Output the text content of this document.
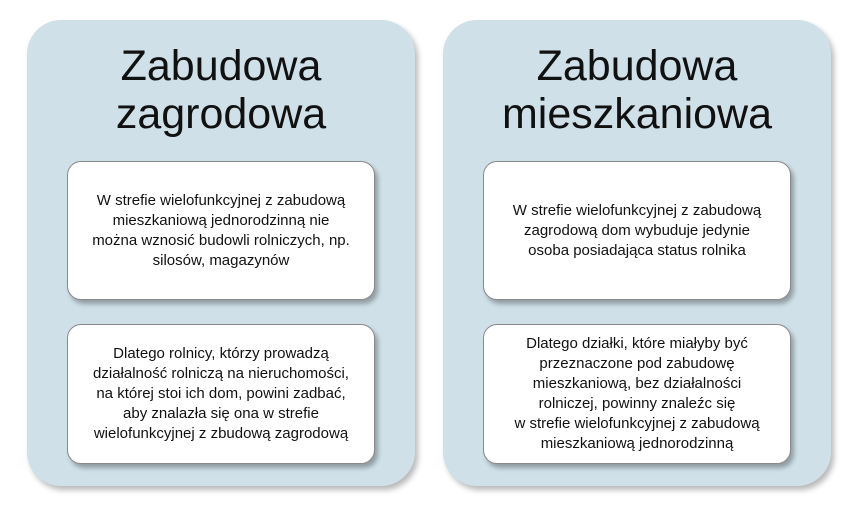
Zabudowa
zagrodowa
W strefie wielofunkcyjnej z zabudową
mieszkaniową jednorodzinną nie
można wznosić budowli rolniczych, np.
silosów, magazynów
Dlatego rolnicy, którzy prowadzą
działalność rolniczą na nieruchomości,
na której stoi ich dom, powini zadbać,
aby znalazła się ona w strefie
wielofunkcyjnej z zbudową zagrodową
Zabudowa
mieszkaniowa
W strefie wielofunkcyjnej z zabudową
zagrodową dom wybuduje jedynie
osoba posiadająca status rolnika
Dlatego działki, które miałyby być
przeznaczone pod zabudowę
mieszkaniową, bez działalności
rolniczej, powinny znaleźc się
w strefie wielofunkcyjnej z zabudową
mieszkaniową jednorodzinną
